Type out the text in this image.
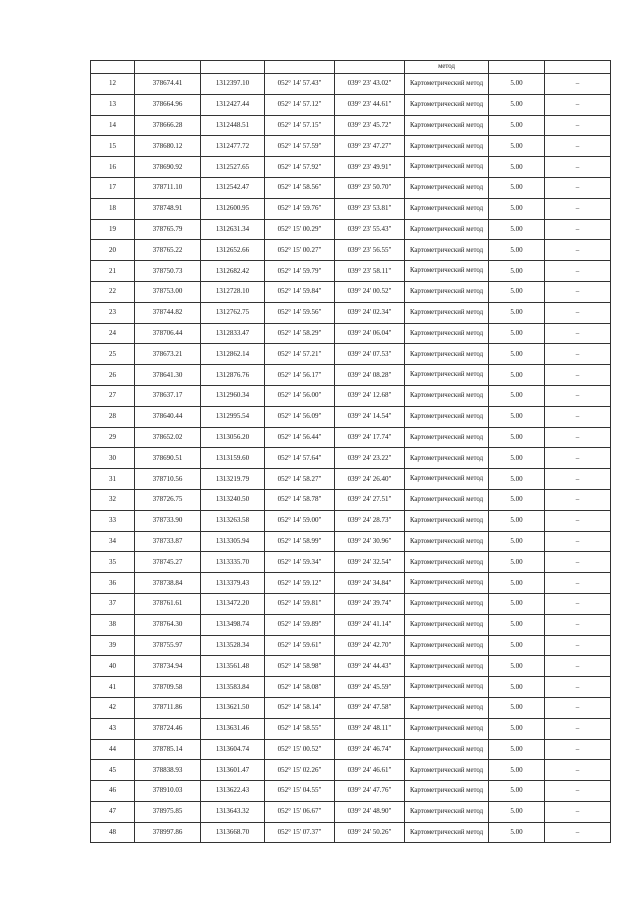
					метод		
12	378674.41	1312397.10	052° 14' 57.43"	039° 23' 43.02"	Картометрический метод	5.00	–
13	378664.96	1312427.44	052° 14' 57.12"	039° 23' 44.61"	Картометрический метод	5.00	–
14	378666.28	1312448.51	052° 14' 57.15"	039° 23' 45.72"	Картометрический метод	5.00	–
15	378680.12	1312477.72	052° 14' 57.59"	039° 23' 47.27"	Картометрический метод	5.00	–
16	378690.92	1312527.65	052° 14' 57.92"	039° 23' 49.91"	Картометрический метод	5.00	–
17	378711.10	1312542.47	052° 14' 58.56"	039° 23' 50.70"	Картометрический метод	5.00	–
18	378748.91	1312600.95	052° 14' 59.76"	039° 23' 53.81"	Картометрический метод	5.00	–
19	378765.79	1312631.34	052° 15' 00.29"	039° 23' 55.43"	Картометрический метод	5.00	–
20	378765.22	1312652.66	052° 15' 00.27"	039° 23' 56.55"	Картометрический метод	5.00	–
21	378750.73	1312682.42	052° 14' 59.79"	039° 23' 58.11"	Картометрический метод	5.00	–
22	378753.00	1312728.10	052° 14' 59.84"	039° 24' 00.52"	Картометрический метод	5.00	–
23	378744.82	1312762.75	052° 14' 59.56"	039° 24' 02.34"	Картометрический метод	5.00	–
24	378706.44	1312833.47	052° 14' 58.29"	039° 24' 06.04"	Картометрический метод	5.00	–
25	378673.21	1312862.14	052° 14' 57.21"	039° 24' 07.53"	Картометрический метод	5.00	–
26	378641.30	1312876.76	052° 14' 56.17"	039° 24' 08.28"	Картометрический метод	5.00	–
27	378637.17	1312960.34	052° 14' 56.00"	039° 24' 12.68"	Картометрический метод	5.00	–
28	378640.44	1312995.54	052° 14' 56.09"	039° 24' 14.54"	Картометрический метод	5.00	–
29	378652.02	1313056.20	052° 14' 56.44"	039° 24' 17.74"	Картометрический метод	5.00	–
30	378690.51	1313159.60	052° 14' 57.64"	039° 24' 23.22"	Картометрический метод	5.00	–
31	378710.56	1313219.79	052° 14' 58.27"	039° 24' 26.40"	Картометрический метод	5.00	–
32	378726.75	1313240.50	052° 14' 58.78"	039° 24' 27.51"	Картометрический метод	5.00	–
33	378733.90	1313263.58	052° 14' 59.00"	039° 24' 28.73"	Картометрический метод	5.00	–
34	378733.87	1313305.94	052° 14' 58.99"	039° 24' 30.96"	Картометрический метод	5.00	–
35	378745.27	1313335.70	052° 14' 59.34"	039° 24' 32.54"	Картометрический метод	5.00	–
36	378738.84	1313379.43	052° 14' 59.12"	039° 24' 34.84"	Картометрический метод	5.00	–
37	378761.61	1313472.20	052° 14' 59.81"	039° 24' 39.74"	Картометрический метод	5.00	–
38	378764.30	1313498.74	052° 14' 59.89"	039° 24' 41.14"	Картометрический метод	5.00	–
39	378755.97	1313528.34	052° 14' 59.61"	039° 24' 42.70"	Картометрический метод	5.00	–
40	378734.94	1313561.48	052° 14' 58.98"	039° 24' 44.43"	Картометрический метод	5.00	–
41	378709.58	1313583.84	052° 14' 58.08"	039° 24' 45.59"	Картометрический метод	5.00	–
42	378711.86	1313621.50	052° 14' 58.14"	039° 24' 47.58"	Картометрический метод	5.00	–
43	378724.46	1313631.46	052° 14' 58.55"	039° 24' 48.11"	Картометрический метод	5.00	–
44	378785.14	1313604.74	052° 15' 00.52"	039° 24' 46.74"	Картометрический метод	5.00	–
45	378838.93	1313601.47	052° 15' 02.26"	039° 24' 46.61"	Картометрический метод	5.00	–
46	378910.03	1313622.43	052° 15' 04.55"	039° 24' 47.76"	Картометрический метод	5.00	–
47	378975.85	1313643.32	052° 15' 06.67"	039° 24' 48.90"	Картометрический метод	5.00	–
48	378997.86	1313668.70	052° 15' 07.37"	039° 24' 50.26"	Картометрический метод	5.00	–
